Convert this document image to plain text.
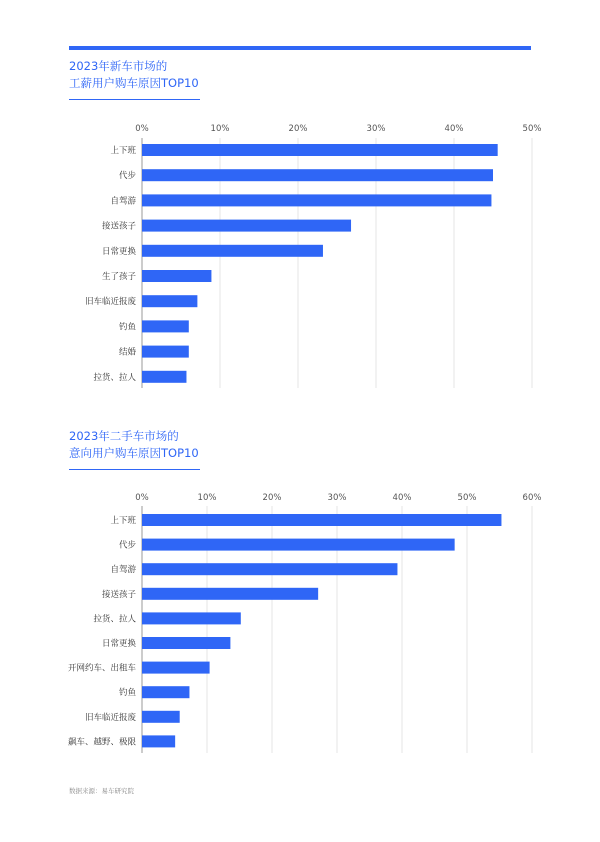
2023年新车市场的
工薪用户购车原因TOP10
0%	10%	20%	30%	40%	50%
上下班
代步
自驾游
接送孩子
日常更换
生了孩子
旧车临近报废
钓鱼
结婚
拉货、拉人
2023年二手车市场的
意向用户购车原因TOP10
0%	10%	20%	30%	40%	50%	60%
上下班
代步
自驾游
接送孩子
拉货、拉人
日常更换
开网约车、出租车
钓鱼
旧车临近报废
飙车、越野、极限
数据来源：易车研究院
